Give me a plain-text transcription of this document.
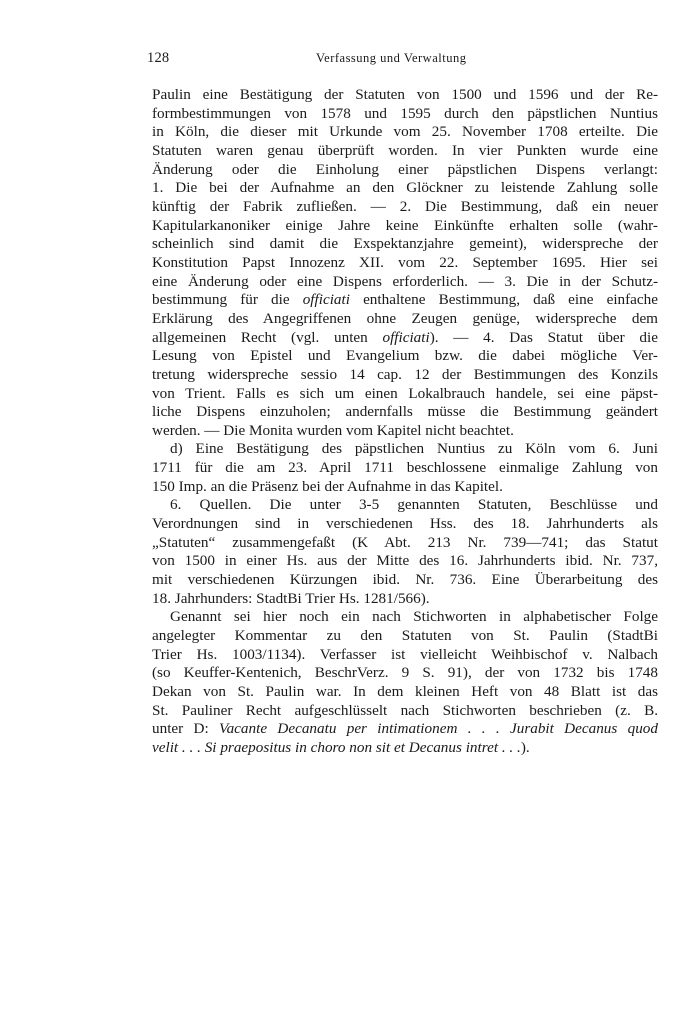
128	Verfassung und Verwaltung
Paulin eine Bestätigung der Statuten von 1500 und 1596 und der Re-
formbestimmungen von 1578 und 1595 durch den päpstlichen Nuntius
in Köln, die dieser mit Urkunde vom 25. November 1708 erteilte. Die
Statuten waren genau überprüft worden. In vier Punkten wurde eine
Änderung oder die Einholung einer päpstlichen Dispens verlangt:
1. Die bei der Aufnahme an den Glöckner zu leistende Zahlung solle
künftig der Fabrik zufließen. — 2. Die Bestimmung, daß ein neuer
Kapitularkanoniker einige Jahre keine Einkünfte erhalten solle (wahr-
scheinlich sind damit die Exspektanzjahre gemeint), widerspreche der
Konstitution Papst Innozenz XII. vom 22. September 1695. Hier sei
eine Änderung oder eine Dispens erforderlich. — 3. Die in der Schutz-
bestimmung für die officiati enthaltene Bestimmung, daß eine einfache
Erklärung des Angegriffenen ohne Zeugen genüge, widerspreche dem
allgemeinen Recht (vgl. unten officiati). — 4. Das Statut über die
Lesung von Epistel und Evangelium bzw. die dabei mögliche Ver-
tretung widerspreche sessio 14 cap. 12 der Bestimmungen des Konzils
von Trient. Falls es sich um einen Lokalbrauch handele, sei eine päpst-
liche Dispens einzuholen; andernfalls müsse die Bestimmung geändert
werden. — Die Monita wurden vom Kapitel nicht beachtet.
d) Eine Bestätigung des päpstlichen Nuntius zu Köln vom 6. Juni
1711 für die am 23. April 1711 beschlossene einmalige Zahlung von
150 Imp. an die Präsenz bei der Aufnahme in das Kapitel.
6. Quellen. Die unter 3-5 genannten Statuten, Beschlüsse und
Verordnungen sind in verschiedenen Hss. des 18. Jahrhunderts als
„Statuten“ zusammengefaßt (K Abt. 213 Nr. 739—741; das Statut
von 1500 in einer Hs. aus der Mitte des 16. Jahrhunderts ibid. Nr. 737,
mit verschiedenen Kürzungen ibid. Nr. 736. Eine Überarbeitung des
18. Jahrhunders: StadtBi Trier Hs. 1281/566).
Genannt sei hier noch ein nach Stichworten in alphabetischer Folge
angelegter Kommentar zu den Statuten von St. Paulin (StadtBi
Trier Hs. 1003/1134). Verfasser ist vielleicht Weihbischof v. Nalbach
(so Keuffer-Kentenich, BeschrVerz. 9 S. 91), der von 1732 bis 1748
Dekan von St. Paulin war. In dem kleinen Heft von 48 Blatt ist das
St. Pauliner Recht aufgeschlüsselt nach Stichworten beschrieben (z. B.
unter D: Vacante Decanatu per intimationem . . . Jurabit Decanus quod
velit . . . Si praepositus in choro non sit et Decanus intret . . .).
